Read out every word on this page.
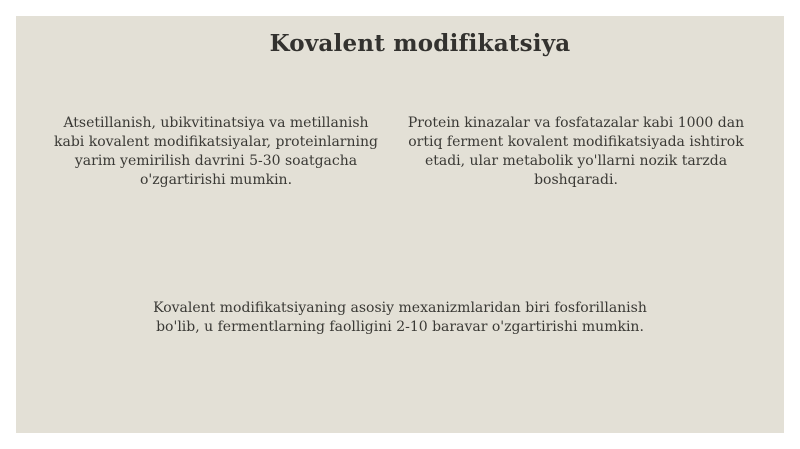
Kovalent modifikatsiya
Atsetillanish, ubikvitinatsiya va metillanish kabi kovalent modifikatsiyalar, proteinlarning yarim yemirilish davrini 5-30 soatgacha o'zgartirishi mumkin.
Protein kinazalar va fosfatazalar kabi 1000 dan ortiq ferment kovalent modifikatsiyada ishtirok etadi, ular metabolik yo'llarni nozik tarzda boshqaradi.
Kovalent modifikatsiyaning asosiy mexanizmlaridan biri fosforillanish bo'lib, u fermentlarning faolligini 2-10 baravar o'zgartirishi mumkin.
